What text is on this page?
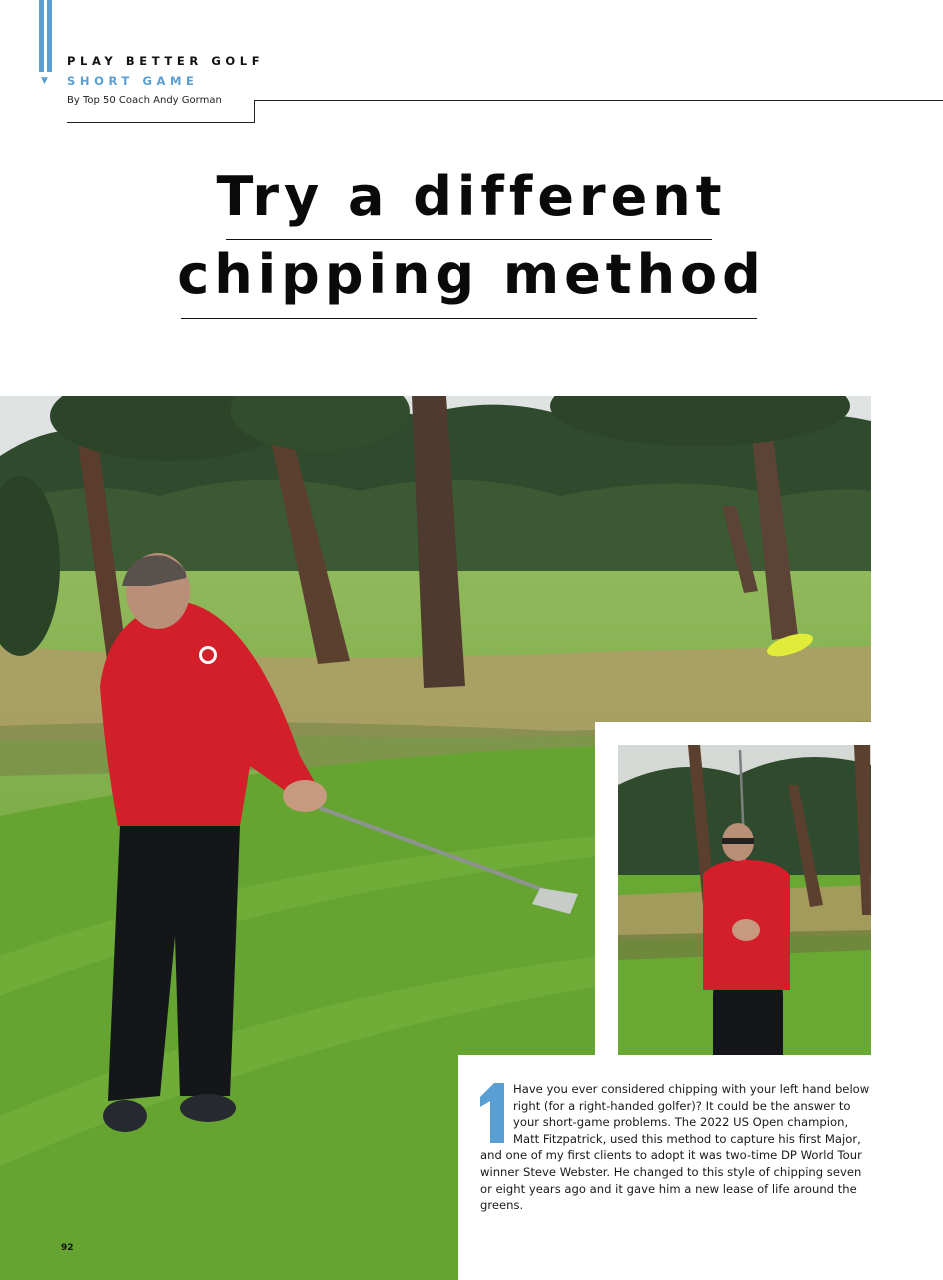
▼

PLAY BETTER GOLF

SHORT GAME

By Top 50 Coach Andy Gorman
Try a different
chipping method
1

Have you ever considered chipping with your left hand below right (for a right-handed golfer)? It could be the answer to your short-game problems. The 2022 US Open champion, Matt Fitzpatrick, used this method to capture his first Major, and one of my first clients to adopt it was two-time DP World Tour winner Steve Webster. He changed to this style of chipping seven or eight years ago and it gave him a new lease of life around the greens.

92
